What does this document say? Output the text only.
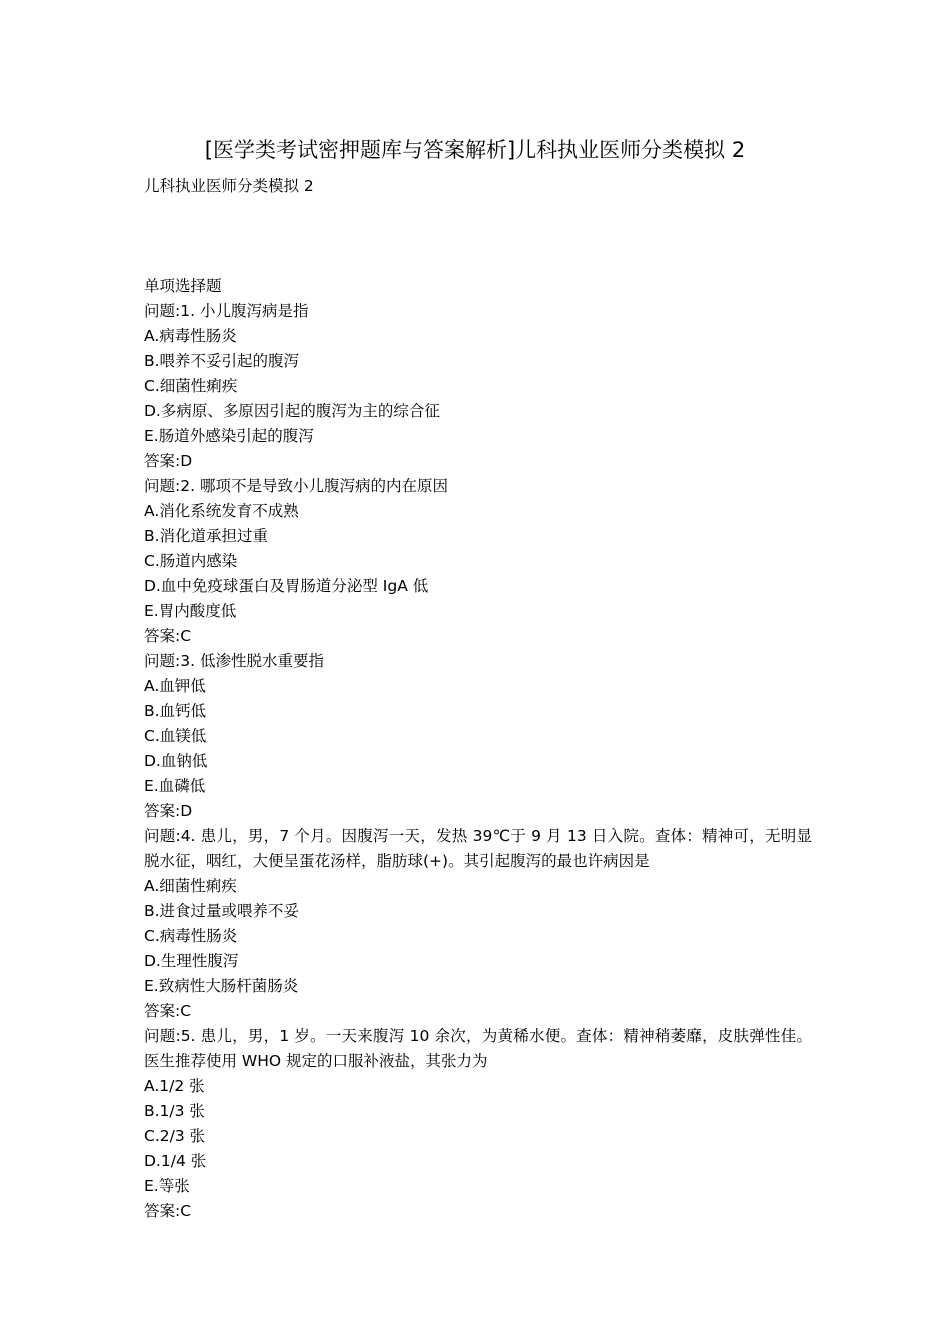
[医学类考试密押题库与答案解析]儿科执业医师分类模拟 2
儿科执业医师分类模拟 2
单项选择题
问题:1. 小儿腹泻病是指
A.病毒性肠炎
B.喂养不妥引起的腹泻
C.细菌性痢疾
D.多病原、多原因引起的腹泻为主的综合征
E.肠道外感染引起的腹泻
答案:D
问题:2. 哪项不是导致小儿腹泻病的内在原因
A.消化系统发育不成熟
B.消化道承担过重
C.肠道内感染
D.血中免疫球蛋白及胃肠道分泌型 IgA 低
E.胃内酸度低
答案:C
问题:3. 低渗性脱水重要指
A.血钾低
B.血钙低
C.血镁低
D.血钠低
E.血磷低
答案:D
问题:4. 患儿，男，7 个月。因腹泻一天，发热 39℃于 9 月 13 日入院。查体：精神可，无明显脱水征，咽红，大便呈蛋花汤样，脂肪球(+)。其引起腹泻的最也许病因是
A.细菌性痢疾
B.进食过量或喂养不妥
C.病毒性肠炎
D.生理性腹泻
E.致病性大肠杆菌肠炎
答案:C
问题:5. 患儿，男，1 岁。一天来腹泻 10 余次，为黄稀水便。查体：精神稍萎靡，皮肤弹性佳。医生推荐使用 WHO 规定的口服补液盐，其张力为
A.1/2 张
B.1/3 张
C.2/3 张
D.1/4 张
E.等张
答案:C
